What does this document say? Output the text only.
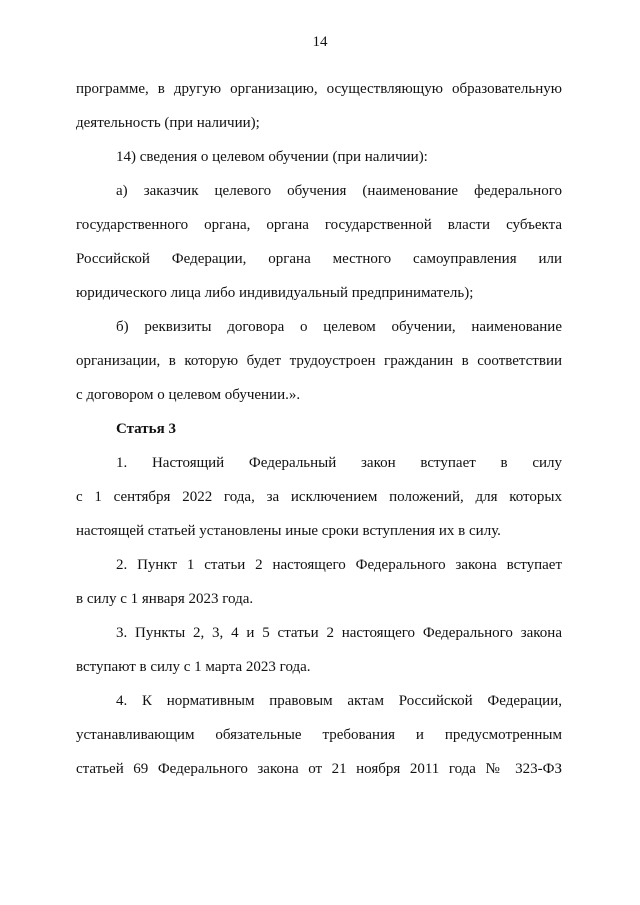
14
программе, в другую организацию, осуществляющую образовательную
деятельность (при наличии);
14) сведения о целевом обучении (при наличии):
а) заказчик целевого обучения (наименование федерального
государственного органа, органа государственной власти субъекта
Российской Федерации, органа местного самоуправления или
юридического лица либо индивидуальный предприниматель);
б) реквизиты договора о целевом обучении, наименование
организации, в которую будет трудоустроен гражданин в соответствии
с договором о целевом обучении.».
Статья 3
1. Настоящий Федеральный закон вступает в силу
с 1 сентября 2022 года, за исключением положений, для которых
настоящей статьей установлены иные сроки вступления их в силу.
2. Пункт 1 статьи 2 настоящего Федерального закона вступает
в силу с 1 января 2023 года.
3. Пункты 2, 3, 4 и 5 статьи 2 настоящего Федерального закона
вступают в силу с 1 марта 2023 года.
4. К нормативным правовым актам Российской Федерации,
устанавливающим обязательные требования и предусмотренным
статьей 69 Федерального закона от 21 ноября 2011 года № 323-ФЗ
